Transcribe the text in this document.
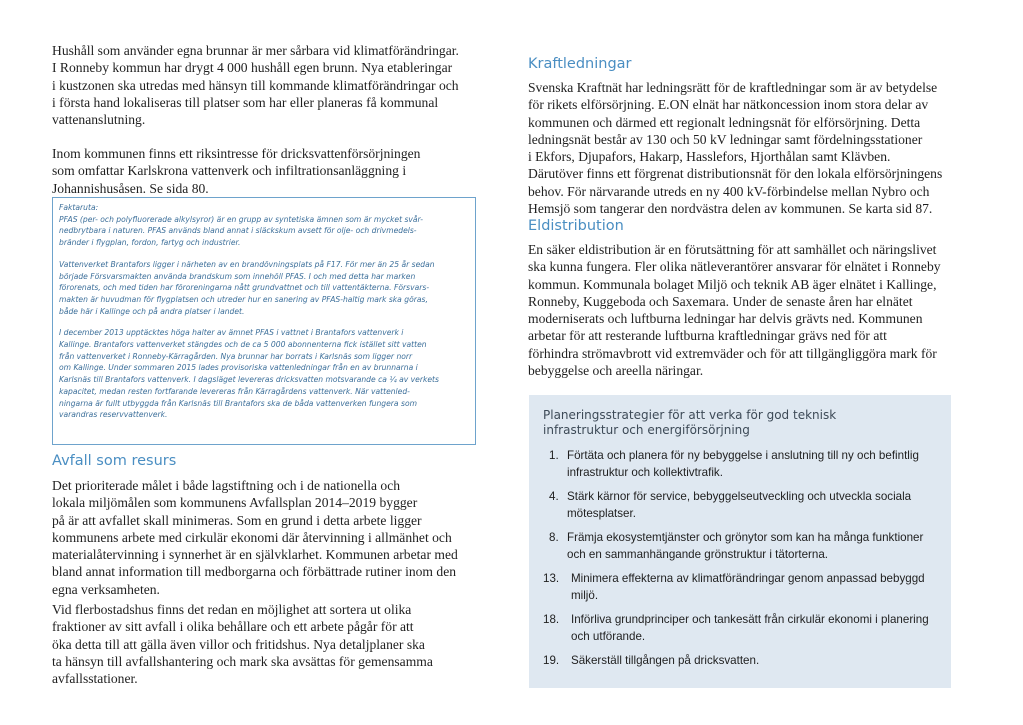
Hushåll som använder egna brunnar är mer sårbara vid klimatförändringar.
I Ronneby kommun har drygt 4 000 hushåll egen brunn. Nya etableringar
i kustzonen ska utredas med hänsyn till kommande klimatförändringar och
i första hand lokaliseras till platser som har eller planeras få kommunal
vattenanslutning.

Inom kommunen finns ett riksintresse för dricksvattenförsörjningen
som omfattar Karlskrona vattenverk och infiltrationsanläggning i
Johannishusåsen. Se sida 80.

Faktaruta:

PFAS (per- och polyfluorerade alkylsyror) är en grupp av syntetiska ämnen som är mycket svår-
nedbrytbara i naturen. PFAS används bland annat i släckskum avsett för olje- och drivmedels-
bränder i flygplan, fordon, fartyg och industrier.

Vattenverket Brantafors ligger i närheten av en brandövningsplats på F17. För mer än 25 år sedan
började Försvarsmakten använda brandskum som innehöll PFAS. I och med detta har marken
förorenats, och med tiden har föroreningarna nått grundvattnet och till vattentäkterna. Försvars-
makten är huvudman för flygplatsen och utreder hur en sanering av PFAS-haltig mark ska göras,
både här i Kallinge och på andra platser i landet.

I december 2013 upptäcktes höga halter av ämnet PFAS i vattnet i Brantafors vattenverk i
Kallinge. Brantafors vattenverket stängdes och de ca 5 000 abonnenterna fick istället sitt vatten
från vattenverket i Ronneby-Kärragården. Nya brunnar har borrats i Karlsnäs som ligger norr
om Kallinge. Under sommaren 2015 lades provisoriska vattenledningar från en av brunnarna i
Karlsnäs till Brantafors vattenverk. I dagsläget levereras dricksvatten motsvarande ca ¼ av verkets
kapacitet, medan resten fortfarande levereras från Kärragårdens vattenverk. När vattenled-
ningarna är fullt utbyggda från Karlsnäs till Brantafors ska de båda vattenverken fungera som
varandras reservvattenverk.

Avfall som resurs

Det prioriterade målet i både lagstiftning och i de nationella och
lokala miljömålen som kommunens Avfallsplan 2014–2019 bygger
på är att avfallet skall minimeras. Som en grund i detta arbete ligger
kommunens arbete med cirkulär ekonomi där återvinning i allmänhet och
materialåtervinning i synnerhet är en självklarhet. Kommunen arbetar med
bland annat information till medborgarna och förbättrade rutiner inom den
egna verksamheten.

Vid flerbostadshus finns det redan en möjlighet att sortera ut olika
fraktioner av sitt avfall i olika behållare och ett arbete pågår för att
öka detta till att gälla även villor och fritidshus. Nya detaljplaner ska
ta hänsyn till avfallshantering och mark ska avsättas för gemensamma
avfallsstationer.

Kraftledningar

Svenska Kraftnät har ledningsrätt för de kraftledningar som är av betydelse
för rikets elförsörjning. E.ON elnät har nätkoncession inom stora delar av
kommunen och därmed ett regionalt ledningsnät för elförsörjning. Detta
ledningsnät består av 130 och 50 kV ledningar samt fördelningsstationer
i Ekfors, Djupafors, Hakarp, Hasslefors, Hjorthålan samt Klävben.
Därutöver finns ett förgrenat distributionsnät för den lokala elförsörjningens
behov. För närvarande utreds en ny 400 kV-förbindelse mellan Nybro och
Hemsjö som tangerar den nordvästra delen av kommunen. Se karta sid 87.

Eldistribution

En säker eldistribution är en förutsättning för att samhället och näringslivet
ska kunna fungera. Fler olika nätleverantörer ansvarar för elnätet i Ronneby
kommun. Kommunala bolaget Miljö och teknik AB äger elnätet i Kallinge,
Ronneby, Kuggeboda och Saxemara. Under de senaste åren har elnätet
moderniserats och luftburna ledningar har delvis grävts ned. Kommunen
arbetar för att resterande luftburna kraftledningar grävs ned för att
förhindra strömavbrott vid extremväder och för att tillgängliggöra mark för
bebyggelse och areella näringar.

Planeringsstrategier för att verka för god teknisk
infrastruktur och energiförsörjning
1. Förtäta och planera för ny bebyggelse i anslutning till ny och befintlig
infrastruktur och kollektivtrafik.
4. Stärk kärnor för service, bebyggelseutveckling och utveckla sociala
mötesplatser.
8. Främja ekosystemtjänster och grönytor som kan ha många funktioner
och en sammanhängande grönstruktur i tätorterna.
13.	Minimera effekterna av klimatförändringar genom anpassad bebyggd
miljö.
18.	Införliva grundprinciper och tankesätt från cirkulär ekonomi i planering
och utförande.
19.	Säkerställ tillgången på dricksvatten.
